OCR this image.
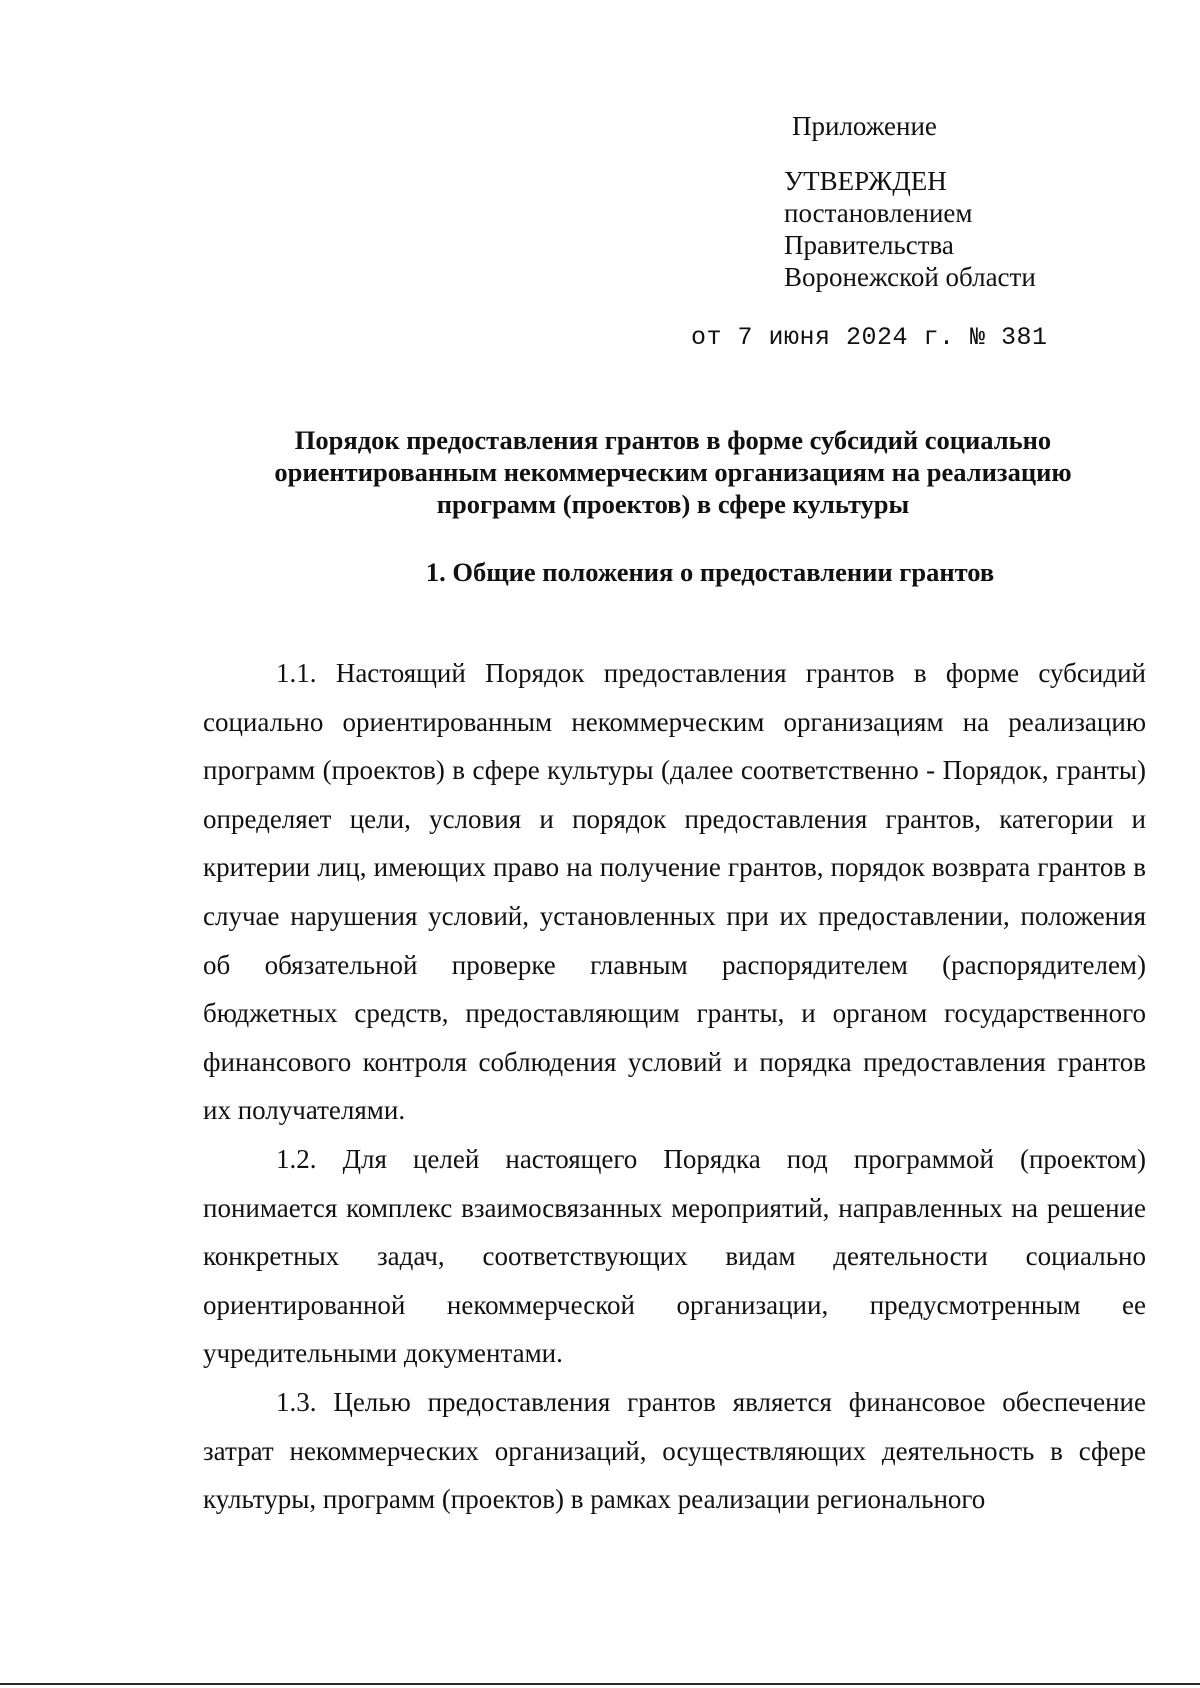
Приложение
УТВЕРЖДЕН
постановлением
Правительства
Воронежской области
от 7 июня 2024 г. № 381
Порядок предоставления грантов в форме субсидий социально
ориентированным некоммерческим организациям на реализацию
программ (проектов) в сфере культуры
1. Общие положения о предоставлении грантов

1.1. Настоящий Порядок предоставления грантов в форме субсидий социально ориентированным некоммерческим организациям на реализацию программ (проектов) в сфере культуры (далее соответственно - Порядок, гранты) определяет цели, условия и порядок предоставления грантов, категории и критерии лиц, имеющих право на получение грантов, порядок возврата грантов в случае нарушения условий, установленных при их предоставлении, положения об обязательной проверке главным распорядителем (распорядителем) бюджетных средств, предоставляющим гранты, и органом государственного финансового контроля соблюдения условий и порядка предоставления грантов их получателями.

1.2. Для целей настоящего Порядка под программой (проектом) понимается комплекс взаимосвязанных мероприятий, направленных на решение конкретных задач, соответствующих видам деятельности социально ориентированной некоммерческой организации, предусмотренным ее учредительными документами.

1.3. Целью предоставления грантов является финансовое обеспечение затрат некоммерческих организаций, осуществляющих деятельность в сфере культуры, программ (проектов) в рамках реализации регионального
